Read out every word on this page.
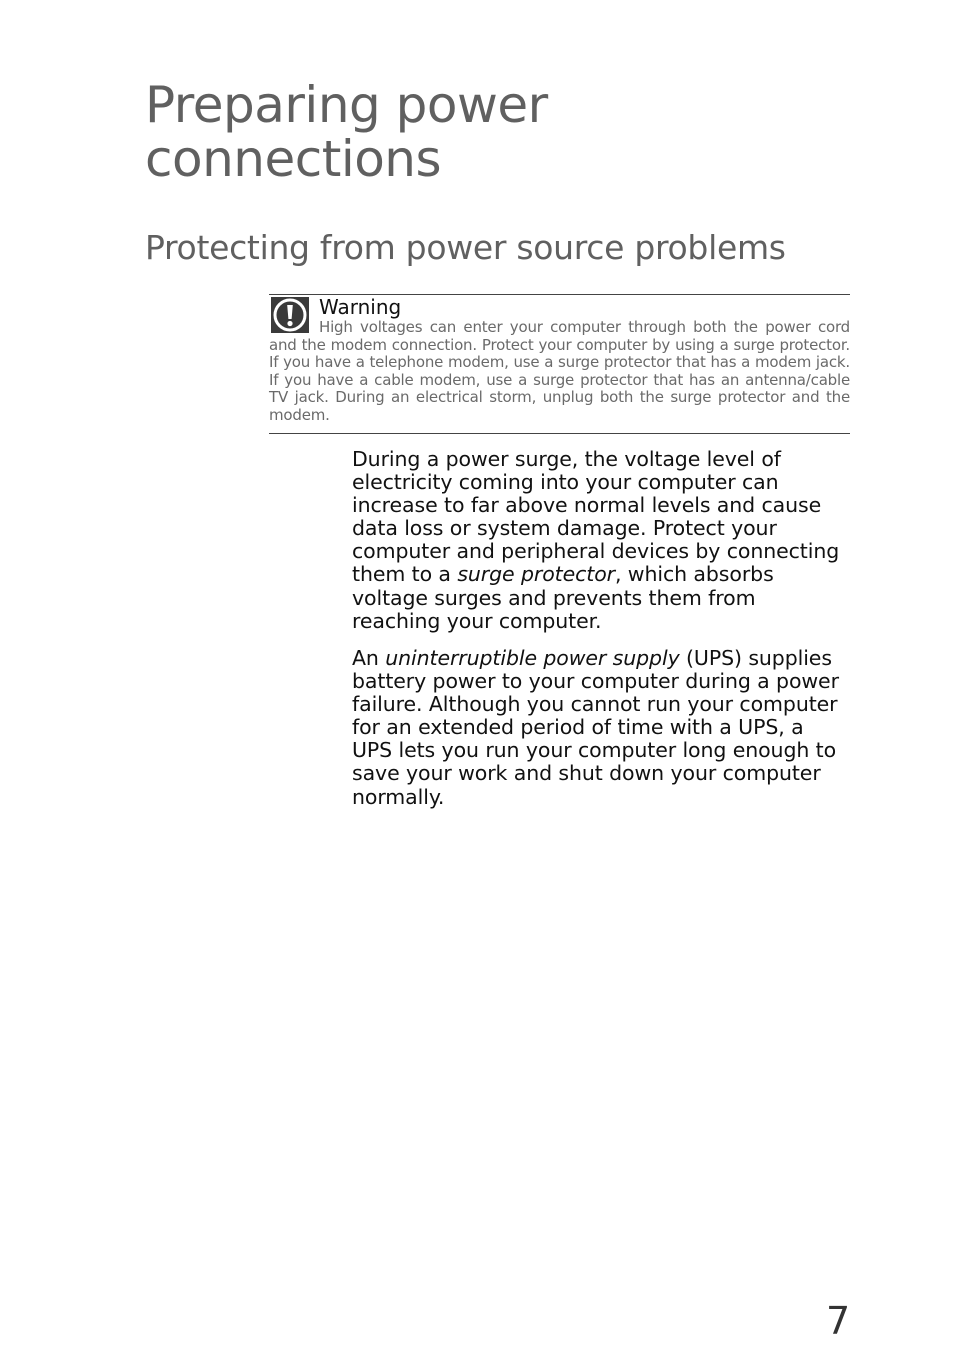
Preparing power connections
Protecting from power source problems
Warning

High voltages can enter your computer through both the power cord and the modem connection. Protect your computer by using a surge protector. If you have a telephone modem, use a surge protector that has a modem jack. If you have a cable modem, use a surge protector that has an antenna/cable TV jack. During an electrical storm, unplug both the surge protector and the modem.

During a power surge, the voltage level of electricity coming into your computer can increase to far above normal levels and cause data loss or system damage. Protect your computer and peripheral devices by connecting them to a surge protector, which absorbs voltage surges and prevents them from reaching your computer.

An uninterruptible power supply (UPS) supplies battery power to your computer during a power failure. Although you cannot run your computer for an extended period of time with a UPS, a UPS lets you run your computer long enough to save your work and shut down your computer normally.

7
